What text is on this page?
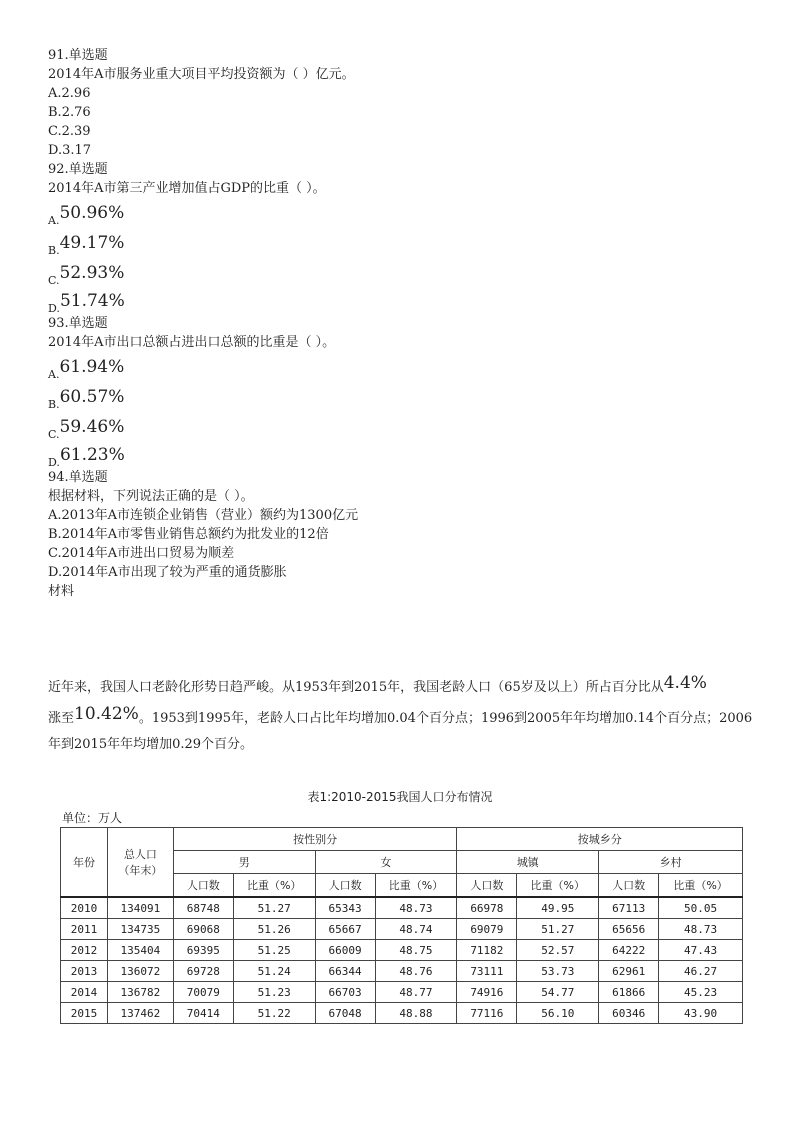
91.单选题
2014年A市服务业重大项目平均投资额为（ ）亿元。
A.2.96
B.2.76
C.2.39
D.3.17
92.单选题
2014年A市第三产业增加值占GDP的比重（ ）。
$_{A.}$50.96%
$_{B.}$49.17%
$_{C.}$52.93%
$_{D.}$51.74%
93.单选题
2014年A市出口总额占进出口总额的比重是（ ）。
$_{A.}$61.94%
$_{B.}$60.57%
$_{C.}$59.46%
$_{D.}$61.23%
94.单选题
根据材料，下列说法正确的是（ ）。
A.2013年A市连锁企业销售（营业）额约为1300亿元
B.2014年A市零售业销售总额约为批发业的12倍
C.2014年A市进出口贸易为顺差
D.2014年A市出现了较为严重的通货膨胀
材料
近年来，我国人口老龄化形势日趋严峻。从1953年到2015年，我国老龄人口（65岁及以上）所占百分比从4.4%
涨至10.42%。1953到1995年，老龄人口占比年均增加0.04个百分点；1996到2005年年均增加0.14个百分点；2006年到2015年年均增加0.29个百分。
表1:2010-2015我国人口分布情况
单位：万人
年份	总人口
（年末）	按性别分				按城乡分			
		男		女		城镇		乡村	
		人口数	比重（%）	人口数	比重（%）	人口数	比重（%）	人口数	比重（%）
2010	134091	68748	51.27	65343	48.73	66978	49.95	67113	50.05
2011	134735	69068	51.26	65667	48.74	69079	51.27	65656	48.73
2012	135404	69395	51.25	66009	48.75	71182	52.57	64222	47.43
2013	136072	69728	51.24	66344	48.76	73111	53.73	62961	46.27
2014	136782	70079	51.23	66703	48.77	74916	54.77	61866	45.23
2015	137462	70414	51.22	67048	48.88	77116	56.10	60346	43.90
